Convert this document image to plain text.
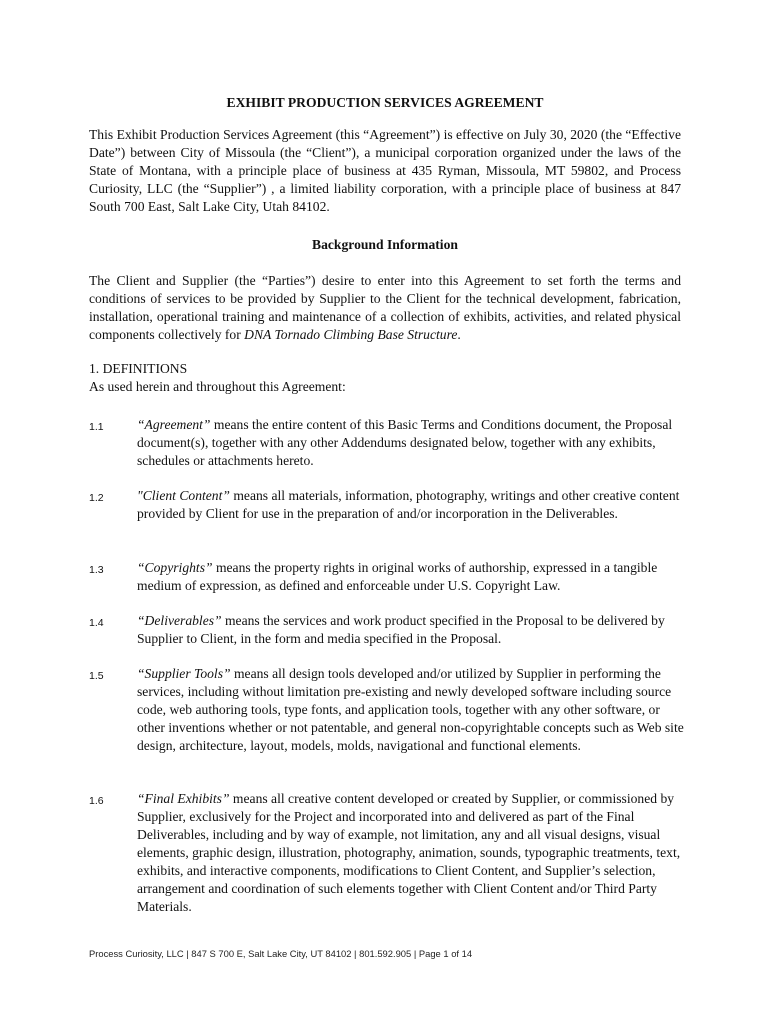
EXHIBIT PRODUCTION SERVICES AGREEMENT

This Exhibit Production Services Agreement (this “Agreement”) is effective on July 30, 2020 (the “Effective Date”) between City of Missoula (the “Client”), a municipal corporation organized under the laws of the State of Montana, with a principle place of business at 435 Ryman, Missoula, MT 59802, and Process Curiosity, LLC (the “Supplier”) , a limited liability corporation, with a principle place of business at 847 South 700 East, Salt Lake City, Utah 84102.

Background Information

The Client and Supplier (the “Parties”) desire to enter into this Agreement to set forth the terms and conditions of services to be provided by Supplier to the Client for the technical development, fabrication, installation, operational training and maintenance of a collection of exhibits, activities, and related physical components collectively for DNA Tornado Climbing Base Structure.

1. DEFINITIONS
As used herein and throughout this Agreement:
1.1 “Agreement” means the entire content of this Basic Terms and Conditions document, the Proposal document(s), together with any other Addendums designated below, together with any exhibits, schedules or attachments hereto.

1.2 "Client Content” means all materials, information, photography, writings and other creative content provided by Client for use in the preparation of and/or incorporation in the Deliverables.

1.3 “Copyrights” means the property rights in original works of authorship, expressed in a tangible medium of expression, as defined and enforceable under U.S. Copyright Law.

1.4 “Deliverables” means the services and work product specified in the Proposal to be delivered by Supplier to Client, in the form and media specified in the Proposal.

1.5 “Supplier Tools” means all design tools developed and/or utilized by Supplier in performing the services, including without limitation pre-existing and newly developed software including source code, web authoring tools, type fonts, and application tools, together with any other software, or other inventions whether or not patentable, and general non-copyrightable concepts such as Web site design, architecture, layout, models, molds, navigational and functional elements.

1.6 “Final Exhibits” means all creative content developed or created by Supplier, or commissioned by Supplier, exclusively for the Project and incorporated into and delivered as part of the Final Deliverables, including and by way of example, not limitation, any and all visual designs, visual elements, graphic design, illustration, photography, animation, sounds, typographic treatments, text, exhibits, and interactive components, modifications to Client Content, and Supplier’s selection, arrangement and coordination of such elements together with Client Content and/or Third Party Materials.

Process Curiosity, LLC | 847 S 700 E, Salt Lake City, UT 84102 | 801.592.905 | Page 1 of 14
